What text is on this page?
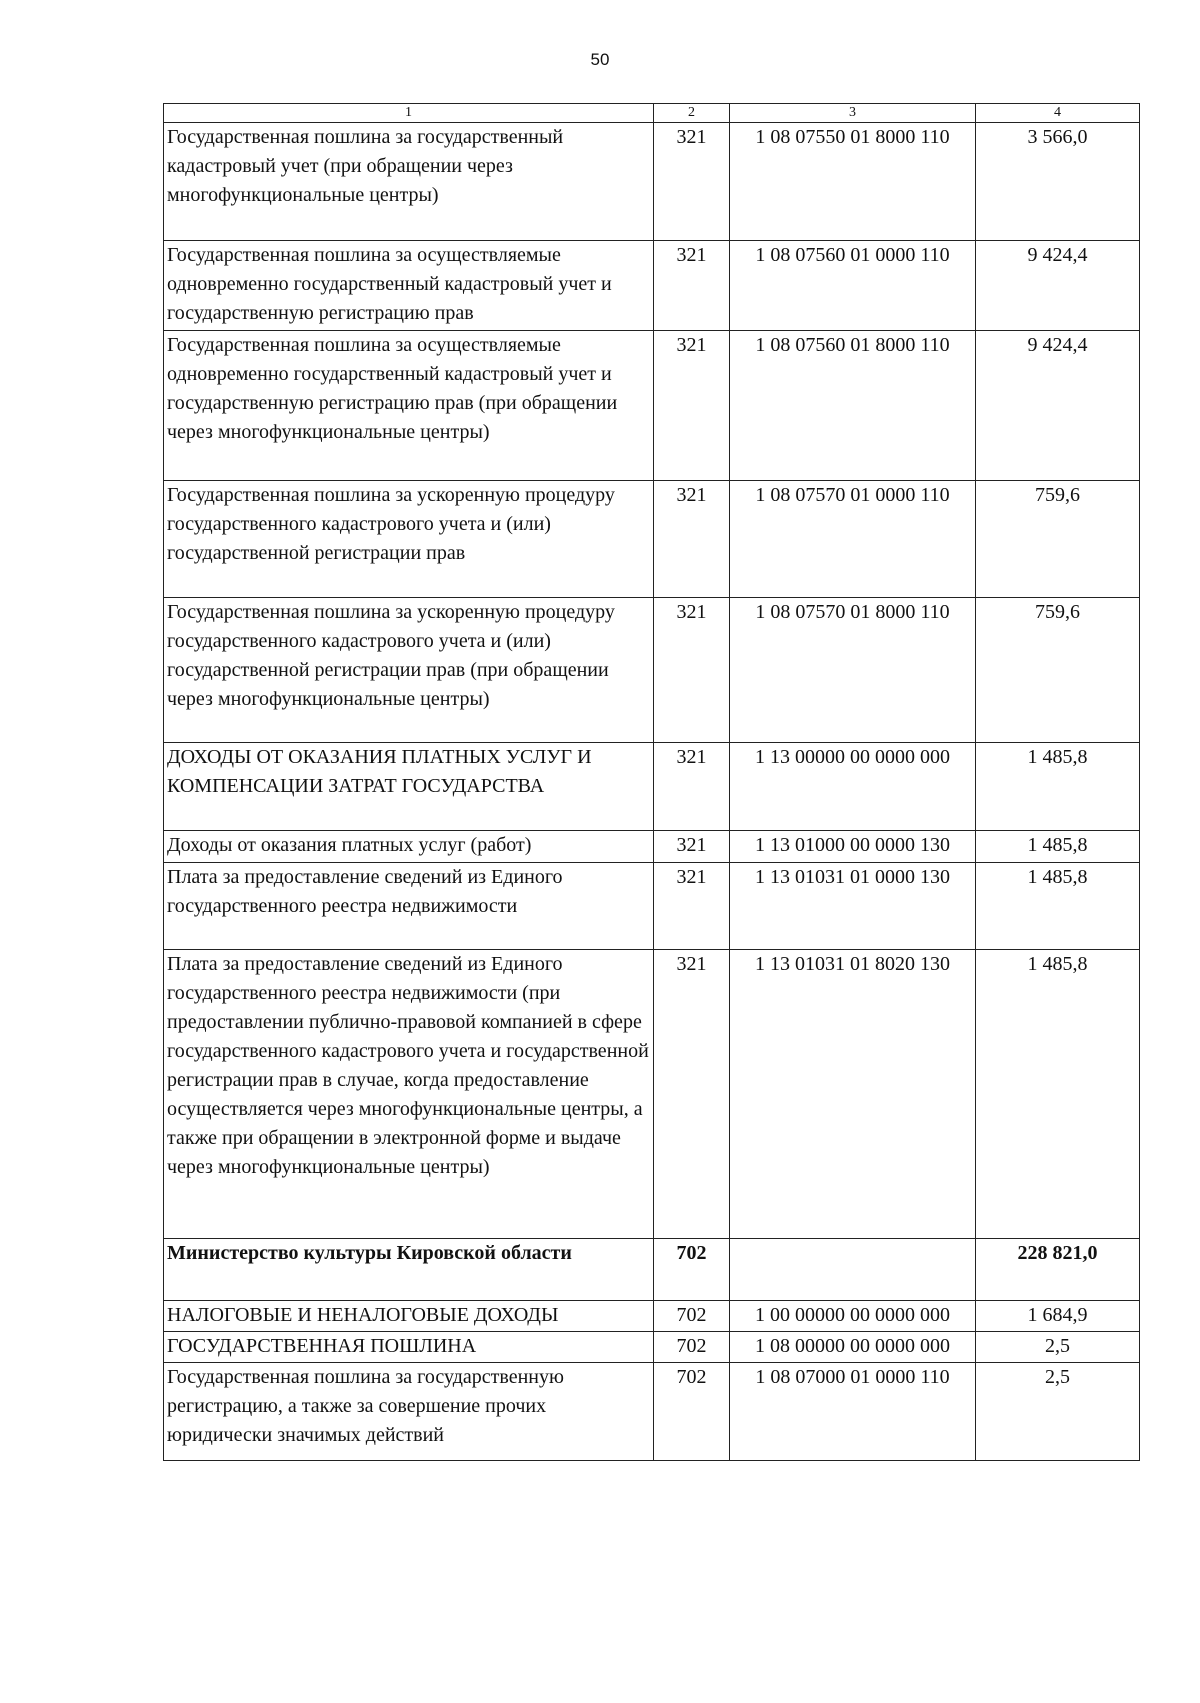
50
1	2	3	4
Государственная пошлина за государственный кадастровый учет (при обращении через многофункциональные центры)	321	1 08 07550 01 8000 110	3 566,0
Государственная пошлина за осуществляемые одновременно государственный кадастровый учет и государственную регистрацию прав	321	1 08 07560 01 0000 110	9 424,4
Государственная пошлина за осуществляемые одновременно государственный кадастровый учет и государственную регистрацию прав (при обращении через многофункциональные центры)	321	1 08 07560 01 8000 110	9 424,4
Государственная пошлина за ускоренную процедуру государственного кадастрового учета и (или) государственной регистрации прав	321	1 08 07570 01 0000 110	759,6
Государственная пошлина за ускоренную процедуру государственного кадастрового учета и (или) государственной регистрации прав (при обращении через многофункциональные центры)	321	1 08 07570 01 8000 110	759,6
ДОХОДЫ ОТ ОКАЗАНИЯ ПЛАТНЫХ УСЛУГ И КОМПЕНСАЦИИ ЗАТРАТ ГОСУДАРСТВА	321	1 13 00000 00 0000 000	1 485,8
Доходы от оказания платных услуг (работ)	321	1 13 01000 00 0000 130	1 485,8
Плата за предоставление сведений из Единого государственного реестра недвижимости	321	1 13 01031 01 0000 130	1 485,8
Плата за предоставление сведений из Единого государственного реестра недвижимости (при предоставлении публично-правовой компанией в сфере государственного кадастрового учета и государственной регистрации прав в случае, когда предоставление осуществляется через многофункциональные центры, а также при обращении в электронной форме и выдаче через многофункциональные центры)	321	1 13 01031 01 8020 130	1 485,8
Министерство культуры Кировской области	702		228 821,0
НАЛОГОВЫЕ И НЕНАЛОГОВЫЕ ДОХОДЫ	702	1 00 00000 00 0000 000	1 684,9
ГОСУДАРСТВЕННАЯ ПОШЛИНА	702	1 08 00000 00 0000 000	2,5
Государственная пошлина за государственную регистрацию, а также за совершение прочих юридически значимых действий	702	1 08 07000 01 0000 110	2,5
